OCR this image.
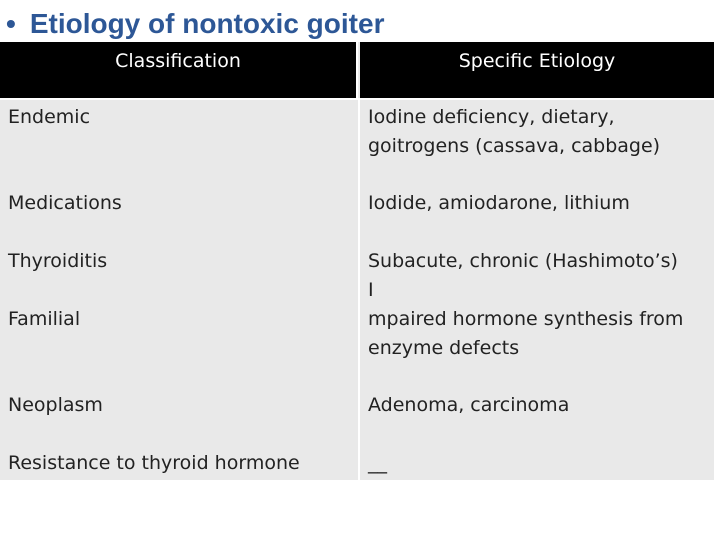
• Etiology of nontoxic goiter
Classification	Specific Etiology
Endemic	Iodine deficiency, dietary,
goitrogens (cassava, cabbage)
Medications	Iodide, amiodarone, lithium
Thyroiditis	Subacute, chronic (Hashimoto’s)
I
Familial	mpaired hormone synthesis from
enzyme defects
Neoplasm	Adenoma, carcinoma
Resistance to thyroid hormone	__
